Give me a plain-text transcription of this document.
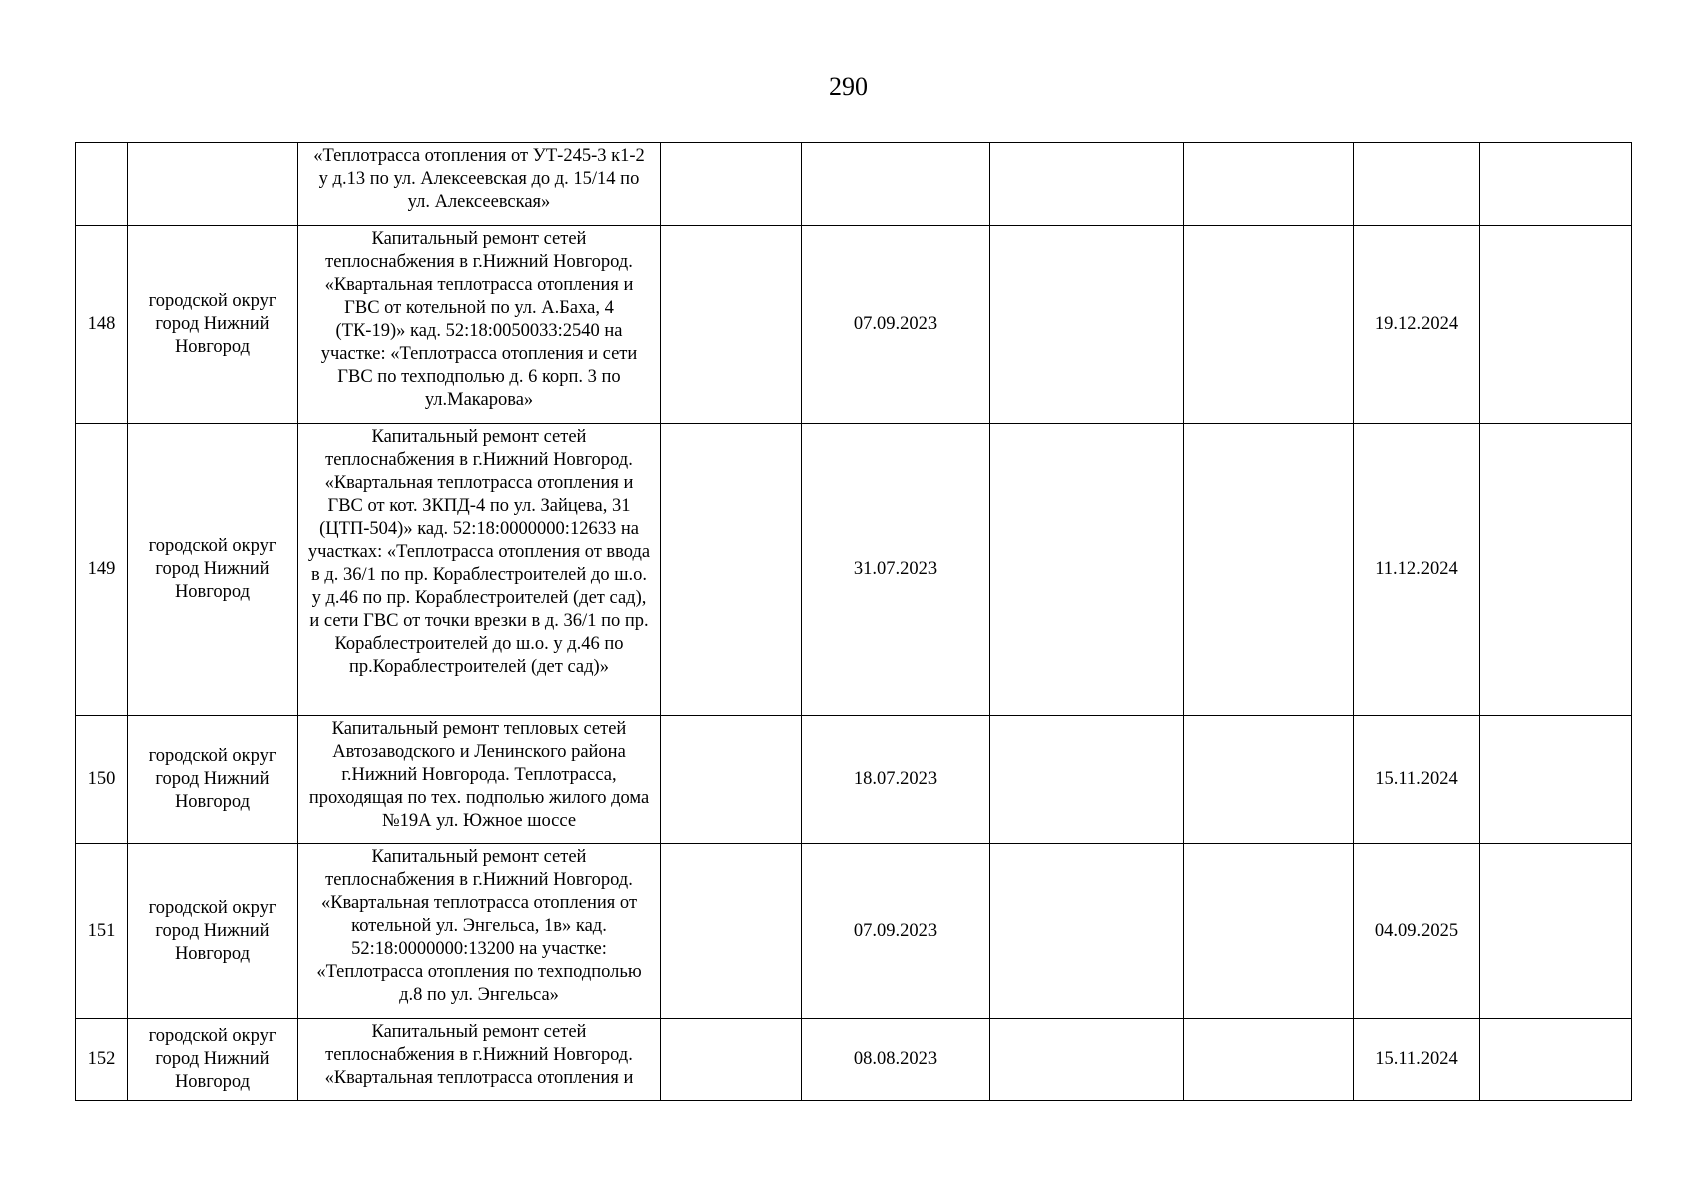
290
		«Теплотрасса отопления от УТ-245-3 к1-2 у д.13 по ул. Алексеевская до д. 15/14 по ул. Алексеевская»						
148	городской округ город Нижний Новгород	Капитальный ремонт сетей теплоснабжения в г.Нижний Новгород. «Квартальная теплотрасса отопления и ГВС от котельной по ул. А.Баха, 4 (ТК-19)» кад. 52:18:0050033:2540 на участке: «Теплотрасса отопления и сети ГВС по техподполью д. 6 корп. 3 по ул.Макарова»		07.09.2023			19.12.2024	
149	городской округ город Нижний Новгород	Капитальный ремонт сетей теплоснабжения в г.Нижний Новгород. «Квартальная теплотрасса отопления и ГВС от кот. ЗКПД-4 по ул. Зайцева, 31 (ЦТП-504)» кад. 52:18:0000000:12633 на участках: «Теплотрасса отопления от ввода в д. 36/1 по пр. Кораблестроителей до ш.о. у д.46 по пр. Кораблестроителей (дет сад), и сети ГВС от точки врезки в д. 36/1 по пр. Кораблестроителей до ш.о. у д.46 по пр.Кораблестроителей (дет сад)»		31.07.2023			11.12.2024	
150	городской округ город Нижний Новгород	Капитальный ремонт тепловых сетей Автозаводского и Ленинского района г.Нижний Новгорода. Теплотрасса, проходящая по тех. подполью жилого дома №19А ул. Южное шоссе		18.07.2023			15.11.2024	
151	городской округ город Нижний Новгород	Капитальный ремонт сетей теплоснабжения в г.Нижний Новгород. «Квартальная теплотрасса отопления от котельной ул. Энгельса, 1в» кад. 52:18:0000000:13200 на участке: «Теплотрасса отопления по техподполью д.8 по ул. Энгельса»		07.09.2023			04.09.2025	
152	городской округ город Нижний Новгород	Капитальный ремонт сетей теплоснабжения в г.Нижний Новгород. «Квартальная теплотрасса отопления и		08.08.2023			15.11.2024	
